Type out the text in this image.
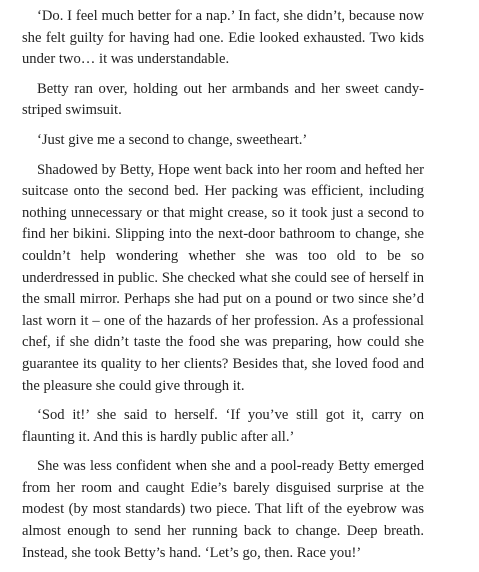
‘Do. I feel much better for a nap.’ In fact, she didn’t, because now she felt guilty for having had one. Edie looked exhausted. Two kids under two… it was understandable.

Betty ran over, holding out her armbands and her sweet candy-striped swimsuit.

‘Just give me a second to change, sweetheart.’

Shadowed by Betty, Hope went back into her room and hefted her suitcase onto the second bed. Her packing was efficient, including nothing unnecessary or that might crease, so it took just a second to find her bikini. Slipping into the next-door bathroom to change, she couldn’t help wondering whether she was too old to be so underdressed in public. She checked what she could see of herself in the small mirror. Perhaps she had put on a pound or two since she’d last worn it – one of the hazards of her profession. As a professional chef, if she didn’t taste the food she was preparing, how could she guarantee its quality to her clients? Besides that, she loved food and the pleasure she could give through it.

‘Sod it!’ she said to herself. ‘If you’ve still got it, carry on flaunting it. And this is hardly public after all.’

She was less confident when she and a pool-ready Betty emerged from her room and caught Edie’s barely disguised surprise at the modest (by most standards) two piece. That lift of the eyebrow was almost enough to send her running back to change. Deep breath. Instead, she took Betty’s hand. ‘Let’s go, then. Race you!’
